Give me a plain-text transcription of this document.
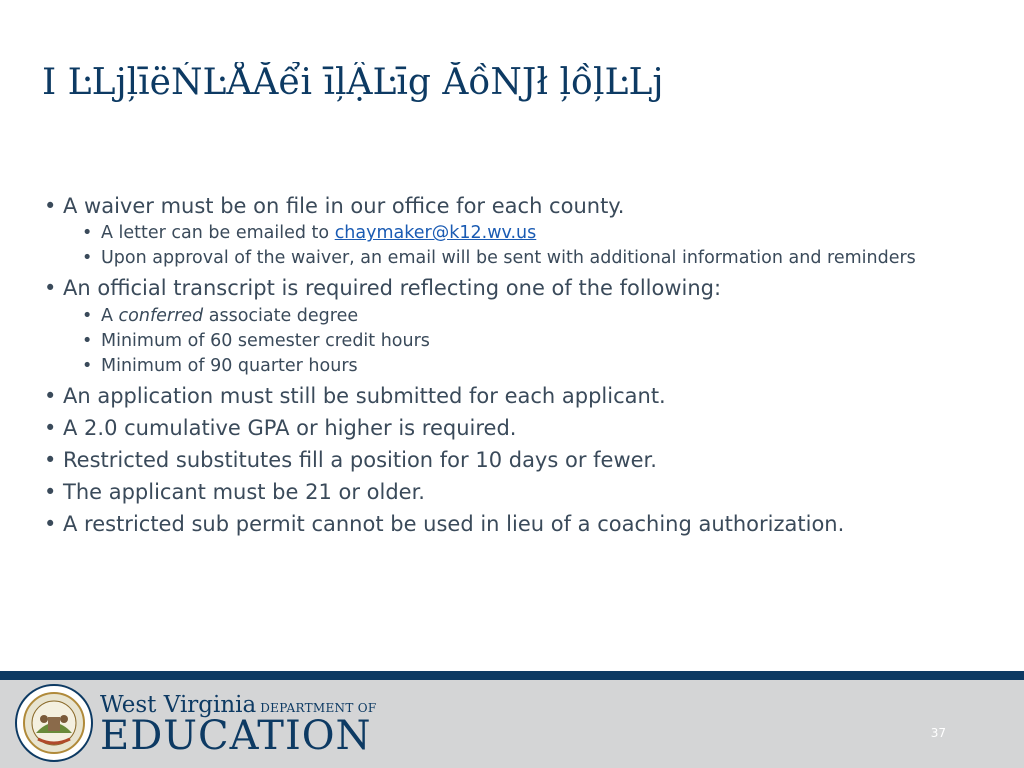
I ĿǈļīëŃĿÅẮểi īļẬĿīg ẮồǊł ļồļĿǈ
• A waiver must be on file in our office for each county.
• A letter can be emailed to chaymaker@k12.wv.us
• Upon approval of the waiver, an email will be sent with additional information and reminders
• An official transcript is required reflecting one of the following:
• A conferred associate degree
• Minimum of 60 semester credit hours
• Minimum of 90 quarter hours
• An application must still be submitted for each applicant.
• A 2.0 cumulative GPA or higher is required.
• Restricted substitutes fill a position for 10 days or fewer.
• The applicant must be 21 or older.
• A restricted sub permit cannot be used in lieu of a coaching authorization.
West Virginia DEPARTMENT OF
EDUCATION	37
